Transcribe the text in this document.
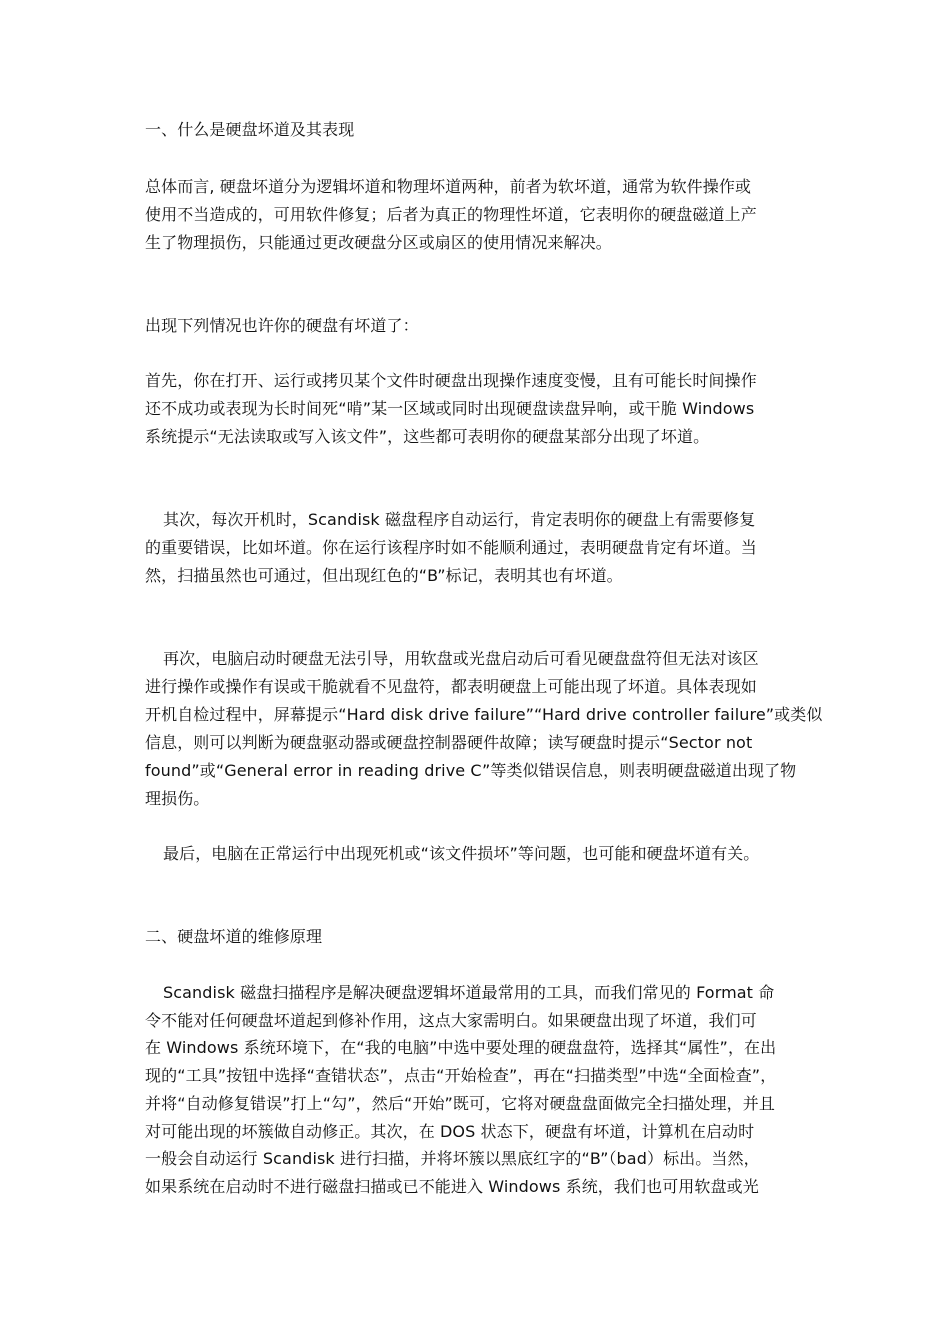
一、什么是硬盘坏道及其表现
总体而言, 硬盘坏道分为逻辑坏道和物理坏道两种，前者为软坏道，通常为软件操作或
使用不当造成的，可用软件修复；后者为真正的物理性坏道，它表明你的硬盘磁道上产
生了物理损伤，只能通过更改硬盘分区或扇区的使用情况来解决。
出现下列情况也许你的硬盘有坏道了：
首先，你在打开、运行或拷贝某个文件时硬盘出现操作速度变慢，且有可能长时间操作
还不成功或表现为长时间死“啃”某一区域或同时出现硬盘读盘异响，或干脆 Windows
系统提示“无法读取或写入该文件”，这些都可表明你的硬盘某部分出现了坏道。
其次，每次开机时，Scandisk 磁盘程序自动运行，肯定表明你的硬盘上有需要修复
的重要错误，比如坏道。你在运行该程序时如不能顺利通过，表明硬盘肯定有坏道。当
然，扫描虽然也可通过，但出现红色的“B”标记，表明其也有坏道。
再次，电脑启动时硬盘无法引导，用软盘或光盘启动后可看见硬盘盘符但无法对该区
进行操作或操作有误或干脆就看不见盘符，都表明硬盘上可能出现了坏道。具体表现如
开机自检过程中，屏幕提示“Hard disk drive failure”“Hard drive controller failure”或类似
信息，则可以判断为硬盘驱动器或硬盘控制器硬件故障；读写硬盘时提示“Sector not
found”或“General error in reading drive C”等类似错误信息，则表明硬盘磁道出现了物
理损伤。
最后，电脑在正常运行中出现死机或“该文件损坏”等问题，也可能和硬盘坏道有关。
二、硬盘坏道的维修原理
Scandisk 磁盘扫描程序是解决硬盘逻辑坏道最常用的工具，而我们常见的 Format 命
令不能对任何硬盘坏道起到修补作用，这点大家需明白。如果硬盘出现了坏道，我们可
在 Windows 系统环境下，在“我的电脑”中选中要处理的硬盘盘符，选择其“属性”，在出
现的“工具”按钮中选择“查错状态”，点击“开始检查”，再在“扫描类型”中选“全面检查”，
并将“自动修复错误”打上“勾”，然后“开始”既可，它将对硬盘盘面做完全扫描处理，并且
对可能出现的坏簇做自动修正。其次，在 DOS 状态下，硬盘有坏道，计算机在启动时
一般会自动运行 Scandisk 进行扫描，并将坏簇以黑底红字的“B”（bad）标出。当然，
如果系统在启动时不进行磁盘扫描或已不能进入 Windows 系统，我们也可用软盘或光
